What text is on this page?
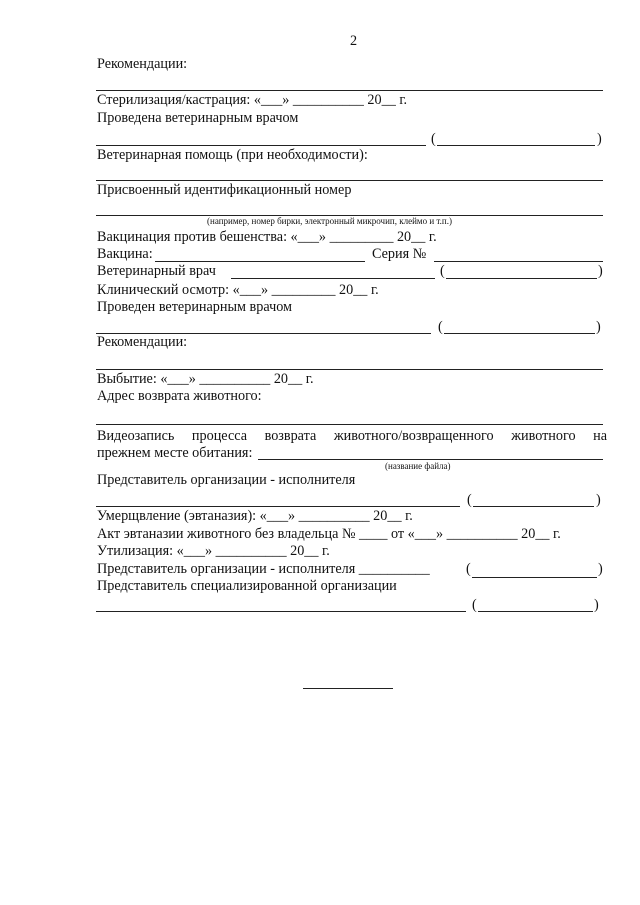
2
Рекомендации:
Стерилизация/кастрация: «___» __________ 20__ г.
Проведена ветеринарным врачом
(	)
Ветеринарная помощь (при необходимости):
Присвоенный идентификационный номер
(например, номер бирки, электронный микрочип, клеймо и т.п.)
Вакцинация против бешенства: «___» _________ 20__ г.
Вакцина:	Серия №
Ветеринарный врач	(	)
Клинический осмотр: «___» _________ 20__ г.
Проведен ветеринарным врачом
(	)
Рекомендации:
Выбытие: «___» __________ 20__ г.
Адрес возврата животного:
Видеозапись процесса возврата животного/возвращенного животного на
прежнем месте обитания:
(название файла)
Представитель организации - исполнителя
(	)
Умерщвление (эвтаназия): «___» __________ 20__ г.
Акт эвтаназии животного без владельца № ____ от «___» __________ 20__ г.
Утилизация: «___» __________ 20__ г.
Представитель организации - исполнителя __________	(	)
Представитель специализированной организации
(	)
